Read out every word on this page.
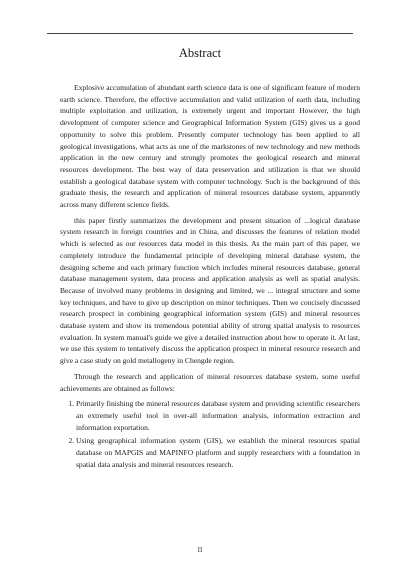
Abstract

Explosive accumulation of abundant earth science data is one of significant feature of modern earth science. Therefore, the effective accumulation and valid utilization of earth data, including multiple exploitation and utilization, is extremely urgent and important However, the high development of computer science and Geographical Information System (GIS) gives us a good opportunity to solve this problem. Presently computer technology has been applied to all geological investigations, what acts as one of the markstones of new technology and new methods application in the new century and strongly promotes the geological research and mineral resources development. The best way of data preservation and utilization is that we should establish a geological database system with computer technology. Such is the background of this graduate thesis, the research and application of mineral resources database system, apparently across many different science fields.

this paper firstly summarizes the development and present situation of ...logical database system research in foreign countries and in China, and discusses the features of relation model which is selected as our resources data model in this thesis. As the main part of this paper, we completely introduce the fundamental principle of developing mineral database system, the designing scheme and each primary function which includes mineral resources database, general database management system, data process and application analysis as well as spatial analysis. Because of involved many problems in designing and limited, we ... integral structure and some key techniques, and have to give up description on minor techniques. Then we concisely discussed research prospect in combining geographical information system (GIS) and mineral resources database system and show its tremendous potential ability of strong spatial analysis to resources evaluation. In system manual's guide we give a detailed instruction about how to operate it. At last, we use this system to tentatively discuss the application prospect in mineral resource research and give a case study on gold metallogeny in Chengde region.

Through the research and application of mineral resources database system, some useful achievements are obtained as follows:

1. Primarily finishing the mineral resources database system and providing scientific researchers an extremely useful tool in over-all information analysis, information extraction and information exportation.
2. Using geographical information system (GIS), we establish the mineral resources spatial database on MAPGIS and MAPINFO platform and supply researchers with a foundation in spatial data analysis and mineral resources research.
II
